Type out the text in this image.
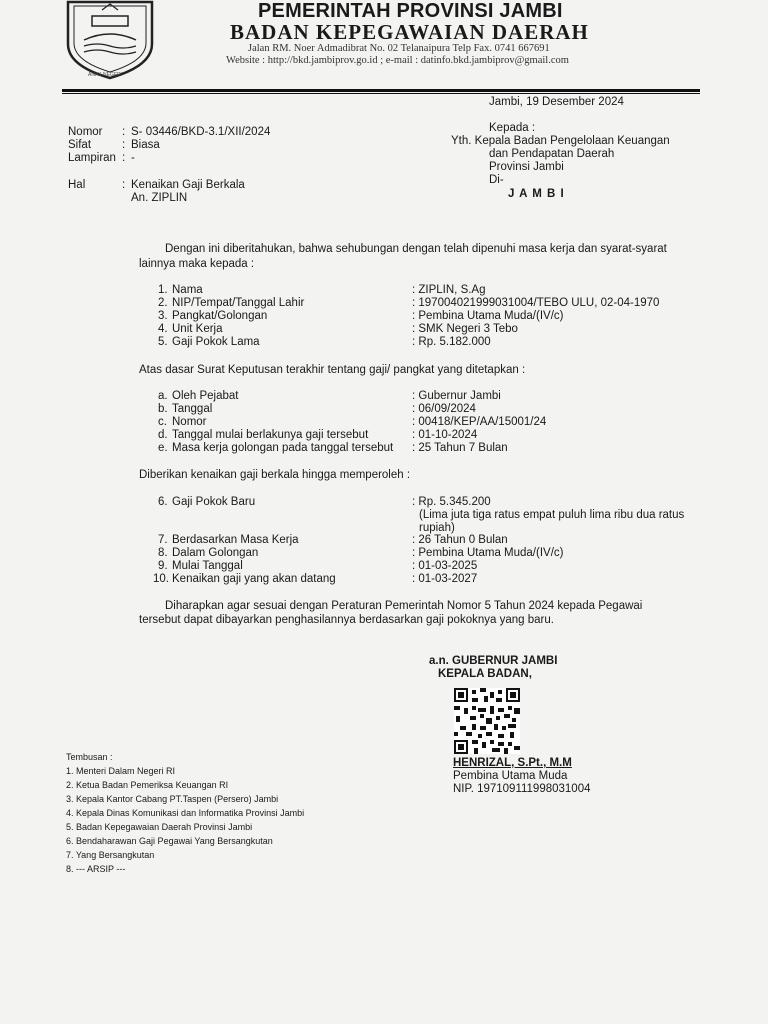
ANAK NEGERI
PEMERINTAH PROVINSI JAMBI
BADAN KEPEGAWAIAN DAERAH
Jalan RM. Noer Admadibrat No. 02 Telanaipura Telp Fax. 0741 667691
Website : http://bkd.jambiprov.go.id ; e-mail : datinfo.bkd.jambiprov@gmail.com
Jambi, 19 Desember 2024
Nomor : S- 03446/BKD-3.1/XII/2024
Sifat	: Biasa
Lampiran : -
Hal	: Kenaikan Gaji Berkala
An. ZIPLIN
Kepada :
Yth. Kepala Badan Pengelolaan Keuangan
dan Pendapatan Daerah
Provinsi Jambi
Di-
J A M B I
Dengan ini diberitahukan, bahwa sehubungan dengan telah dipenuhi masa kerja dan syarat-syarat
lainnya maka kepada :
1. Nama	: ZIPLIN, S.Ag
2. NIP/Tempat/Tanggal Lahir	: 197004021999031004/TEBO ULU, 02-04-1970
3. Pangkat/Golongan	: Pembina Utama Muda/(IV/c)
4. Unit Kerja	: SMK Negeri 3 Tebo
5. Gaji Pokok Lama	: Rp. 5.182.000
Atas dasar Surat Keputusan terakhir tentang gaji/ pangkat yang ditetapkan :
a. Oleh Pejabat	: Gubernur Jambi
b. Tanggal	: 06/09/2024
c. Nomor	: 00418/KEP/AA/15001/24
d. Tanggal mulai berlakunya gaji tersebut	: 01-10-2024
e. Masa kerja golongan pada tanggal tersebut : 25 Tahun 7 Bulan
Diberikan kenaikan gaji berkala hingga memperoleh :
6. Gaji Pokok Baru	: Rp. 5.345.200
(Lima juta tiga ratus empat puluh lima ribu dua ratus
rupiah)
7. Berdasarkan Masa Kerja	: 26 Tahun 0 Bulan
8. Dalam Golongan	: Pembina Utama Muda/(IV/c)
9. Mulai Tanggal	: 01-03-2025
10. Kenaikan gaji yang akan datang	: 01-03-2027
Diharapkan agar sesuai dengan Peraturan Pemerintah Nomor 5 Tahun 2024 kepada Pegawai
tersebut dapat dibayarkan penghasilannya berdasarkan gaji pokoknya yang baru.
a.n. GUBERNUR JAMBI
KEPALA BADAN,
HENRIZAL, S.Pt., M.M
Pembina Utama Muda
NIP. 197109111998031004
Tembusan :
1. Menteri Dalam Negeri RI
2. Ketua Badan Pemeriksa Keuangan RI
3. Kepala Kantor Cabang PT.Taspen (Persero) Jambi
4. Kepala Dinas Komunikasi dan Informatika Provinsi Jambi
5. Badan Kepegawaian Daerah Provinsi Jambi
6. Bendaharawan Gaji Pegawai Yang Bersangkutan
7. Yang Bersangkutan
8. --- ARSIP ---
